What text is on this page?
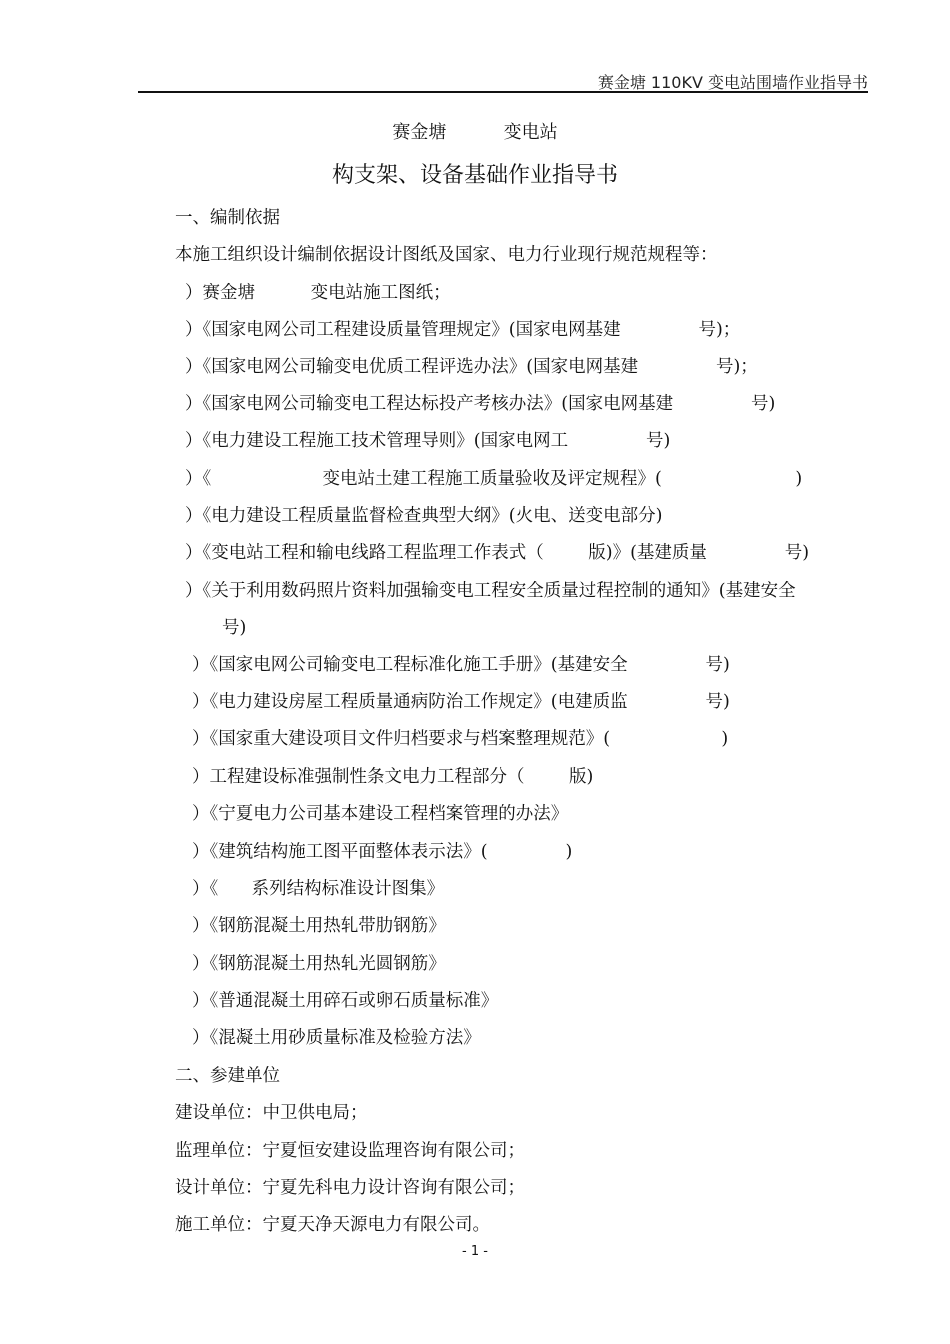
赛金塘 110KV 变电站围墙作业指导书
赛金塘          变电站
构支架、设备基础作业指导书
一、编制依据
本施工组织设计编制依据设计图纸及国家、电力行业现行规范规程等：
）赛金塘          变电站施工图纸；
）《国家电网公司工程建设质量管理规定》(国家电网基建              号)；
）《国家电网公司输变电优质工程评选办法》(国家电网基建              号)；
）《国家电网公司输变电工程达标投产考核办法》(国家电网基建              号)
）《电力建设工程施工技术管理导则》(国家电网工              号)
）《                    变电站土建工程施工质量验收及评定规程》(                        )
）《电力建设工程质量监督检查典型大纲》(火电、送变电部分)
）《变电站工程和输电线路工程监理工作表式（        版)》(基建质量              号)
）《关于利用数码照片资料加强输变电工程安全质量过程控制的通知》(基建安全
号)
）《国家电网公司输变电工程标准化施工手册》(基建安全              号)
）《电力建设房屋工程质量通病防治工作规定》(电建质监              号)
）《国家重大建设项目文件归档要求与档案整理规范》(                    )
）工程建设标准强制性条文电力工程部分（        版)
）《宁夏电力公司基本建设工程档案管理的办法》
）《建筑结构施工图平面整体表示法》(              )
）《      系列结构标准设计图集》
）《钢筋混凝土用热轧带肋钢筋》
）《钢筋混凝土用热轧光圆钢筋》
）《普通混凝土用碎石或卵石质量标准》
）《混凝土用砂质量标准及检验方法》
二、参建单位
建设单位：中卫供电局；
监理单位：宁夏恒安建设监理咨询有限公司；
设计单位：宁夏先科电力设计咨询有限公司；
施工单位：宁夏天净天源电力有限公司。
- 1 -
